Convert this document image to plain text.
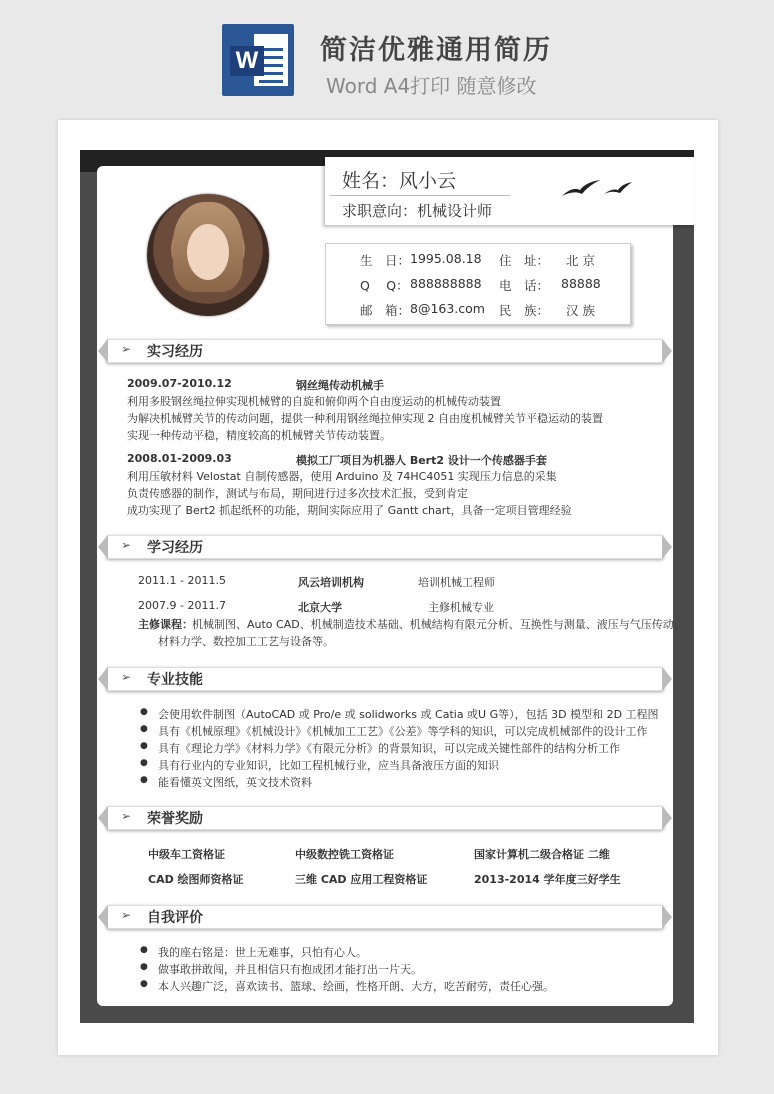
W 简洁优雅通用简历
Word A4打印 随意修改
姓名：风小云
求职意向：机械设计师
生　日： 1995.08.18 住　址： 北 京
Q　 Q： 888888888 电　话： 88888
邮　箱： 8@163.com 民　族： 汉 族
➢ 实习经历
2009.07-2010.12	钢丝绳传动机械手
利用多股钢丝绳拉伸实现机械臂的自旋和俯仰两个自由度运动的机械传动装置
为解决机械臂关节的传动问题，提供一种利用钢丝绳拉伸实现 2 自由度机械臂关节平稳运动的装置
实现一种传动平稳，精度较高的机械臂关节传动装置。
2008.01-2009.03	模拟工厂项目为机器人 Bert2 设计一个传感器手套
利用压敏材料 Velostat 自制传感器，使用 Arduino 及 74HC4051 实现压力信息的采集
负责传感器的制作，测试与布局，期间进行过多次技术汇报，受到肯定
成功实现了 Bert2 抓起纸杯的功能，期间实际应用了 Gantt chart，具备一定项目管理经验
➢ 学习经历
2011.1 - 2011.5	风云培训机构	培训机械工程师
2007.9 - 2011.7	北京大学	主修机械专业
主修课程： 机械制图、Auto CAD、机械制造技术基础、机械结构有限元分析、互换性与测量、液压与气压传动、
材料力学、数控加工工艺与设备等。
➢ 专业技能
● 会使用软件制图（AutoCAD 或 Pro/e 或 solidworks 或 Catia 或U G等），包括 3D 模型和 2D 工程图
● 具有《机械原理》《机械设计》《机械加工工艺》《公差》等学科的知识，可以完成机械部件的设计工作
● 具有《理论力学》《材料力学》《有限元分析》的背景知识，可以完成关键性部件的结构分析工作
● 具有行业内的专业知识，比如工程机械行业，应当具备液压方面的知识
● 能看懂英文图纸，英文技术资料
➢ 荣誉奖励
中级车工资格证	中级数控铣工资格证	国家计算机二级合格证 二维
CAD 绘图师资格证	三维 CAD 应用工程资格证	2013-2014 学年度三好学生
➢ 自我评价
● 我的座右铭是：世上无难事，只怕有心人。
● 做事敢拼敢闯，并且相信只有抱成团才能打出一片天。
● 本人兴趣广泛，喜欢读书、篮球、绘画，性格开朗、大方，吃苦耐劳，责任心强。
